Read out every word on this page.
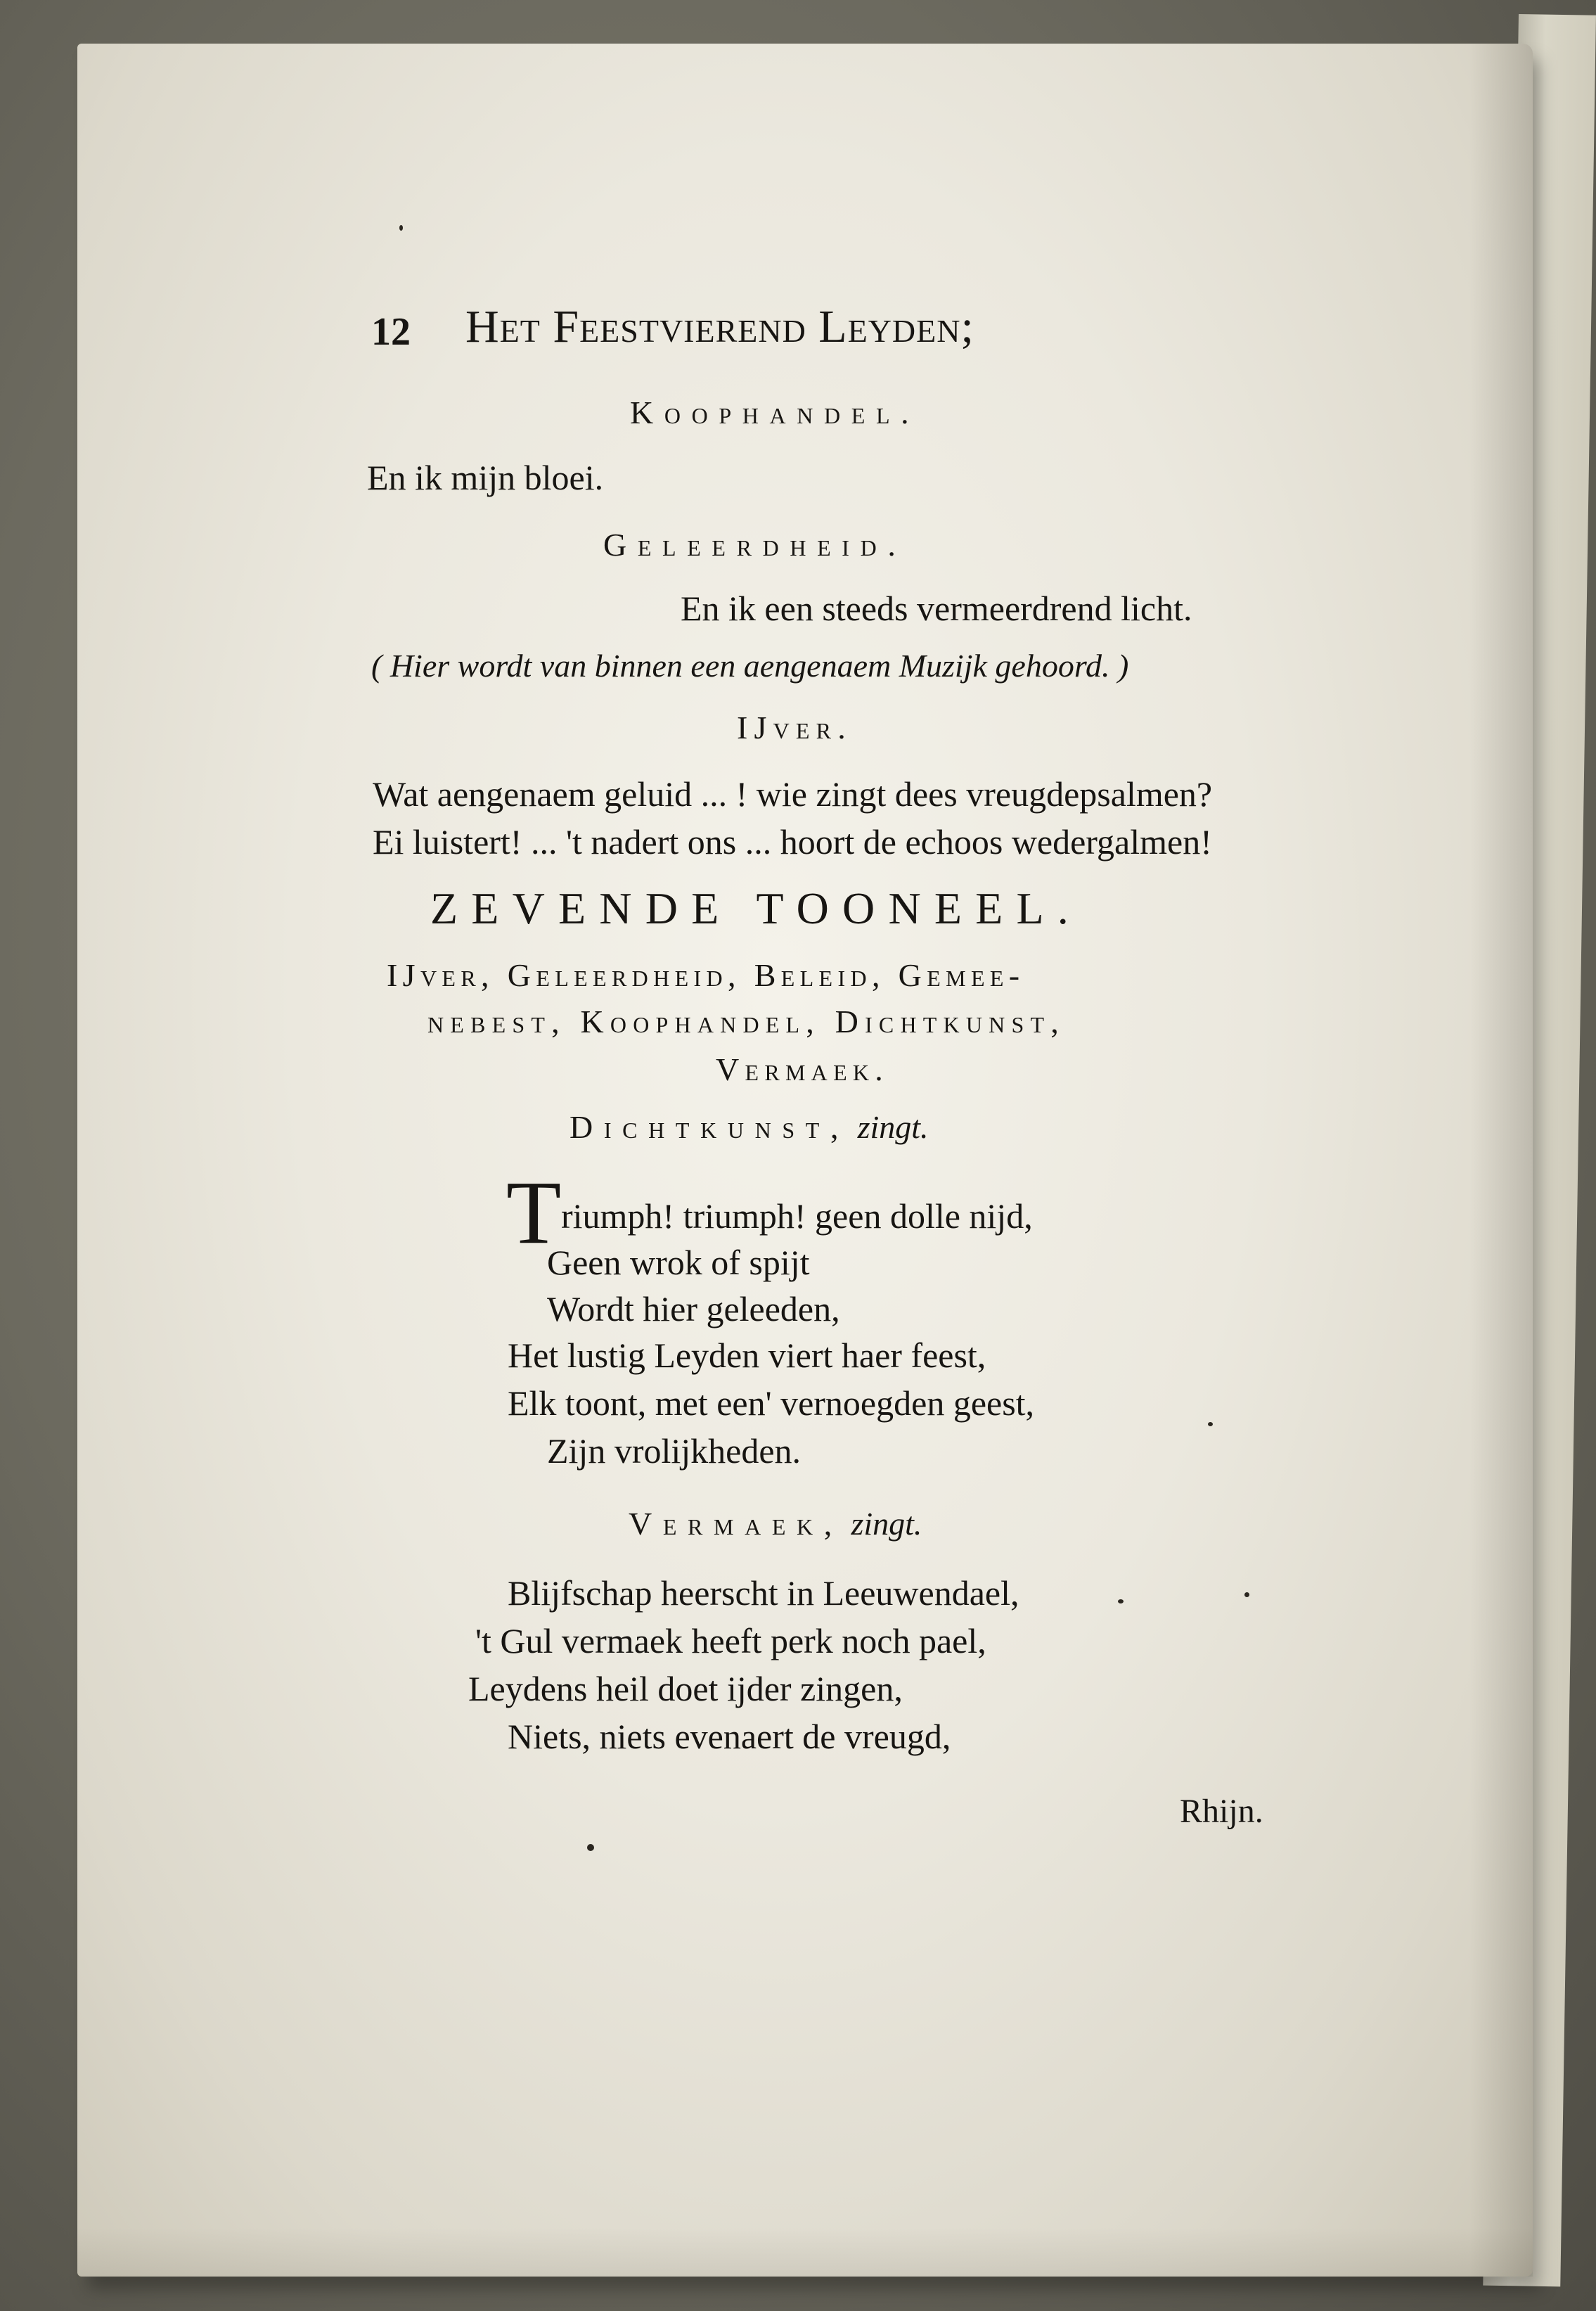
12 Het Feestvierend Leyden;
Koophandel.
En ik mijn bloei.
Geleerdheid.
En ik een steeds vermeerdrend licht.
( Hier wordt van binnen een aengenaem Muzijk gehoord. )
IJver.
Wat aengenaem geluid ... ! wie zingt dees vreugdepsalmen?
Ei luistert! ... 't nadert ons ... hoort de echoos wedergalmen!
ZEVENDE TOONEEL.
IJver, Geleerdheid, Beleid, Gemee-
nebest, Koophandel, Dichtkunst,
Vermaek.
Dichtkunst, zingt.
T riumph! triumph! geen dolle nijd,
Geen wrok of spijt
Wordt hier geleeden,
Het lustig Leyden viert haer feest,
Elk toont, met een' vernoegden geest,
Zijn vrolijkheden.
Vermaek, zingt.
Blijfschap heerscht in Leeuwendael,
't Gul vermaek heeft perk noch pael,
Leydens heil doet ijder zingen,
Niets, niets evenaert de vreugd,
Rhijn.
